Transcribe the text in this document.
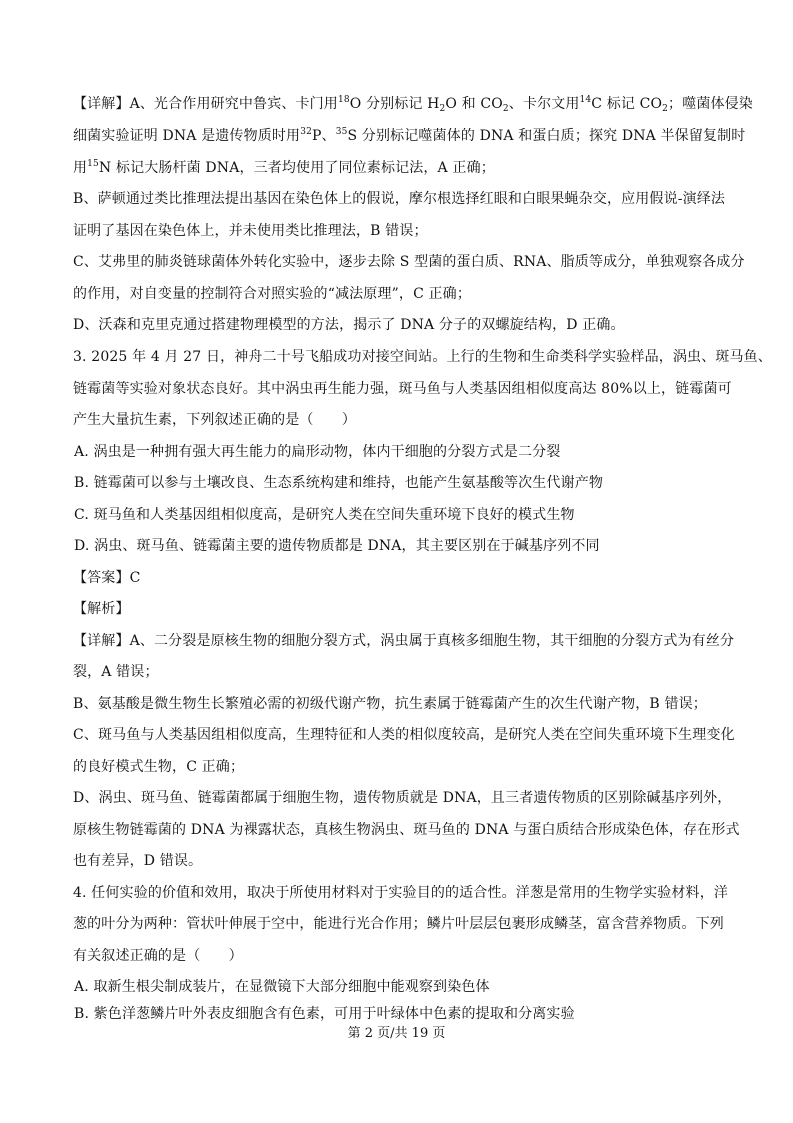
【详解】A、光合作用研究中鲁宾、卡门用$^{18}$O 分别标记 $H_2O$ 和 $CO_2$、卡尔文用$^{14}$C 标记 $CO_2$；噬菌体侵染
细菌实验证明 DNA 是遗传物质时用$^{32}$P、$^{35}$S 分别标记噬菌体的 DNA 和蛋白质；探究 DNA 半保留复制时
用$^{15}$N 标记大肠杆菌 DNA，三者均使用了同位素标记法，A 正确；
B、萨顿通过类比推理法提出基因在染色体上的假说，摩尔根选择红眼和白眼果蝇杂交，应用假说-演绎法
证明了基因在染色体上，并未使用类比推理法，B 错误；
C、艾弗里的肺炎链球菌体外转化实验中，逐步去除 S 型菌的蛋白质、RNA、脂质等成分，单独观察各成分
的作用，对自变量的控制符合对照实验的“减法原理”，C 正确；
D、沃森和克里克通过搭建物理模型的方法，揭示了 DNA 分子的双螺旋结构，D 正确。
3. 2025 年 4 月 27 日，神舟二十号飞船成功对接空间站。上行的生物和生命类科学实验样品，涡虫、斑马鱼、
链霉菌等实验对象状态良好。其中涡虫再生能力强，斑马鱼与人类基因组相似度高达 80%以上，链霉菌可
产生大量抗生素，下列叙述正确的是（　　）
A. 涡虫是一种拥有强大再生能力的扁形动物，体内干细胞的分裂方式是二分裂
B. 链霉菌可以参与土壤改良、生态系统构建和维持，也能产生氨基酸等次生代谢产物
C. 斑马鱼和人类基因组相似度高，是研究人类在空间失重环境下良好的模式生物
D. 涡虫、斑马鱼、链霉菌主要的遗传物质都是 DNA，其主要区别在于碱基序列不同
【答案】C
【解析】
【详解】A、二分裂是原核生物的细胞分裂方式，涡虫属于真核多细胞生物，其干细胞的分裂方式为有丝分
裂，A 错误；
B、氨基酸是微生物生长繁殖必需的初级代谢产物，抗生素属于链霉菌产生的次生代谢产物，B 错误；
C、斑马鱼与人类基因组相似度高，生理特征和人类的相似度较高，是研究人类在空间失重环境下生理变化
的良好模式生物，C 正确；
D、涡虫、斑马鱼、链霉菌都属于细胞生物，遗传物质就是 DNA，且三者遗传物质的区别除碱基序列外，
原核生物链霉菌的 DNA 为裸露状态，真核生物涡虫、斑马鱼的 DNA 与蛋白质结合形成染色体，存在形式
也有差异，D 错误。
4. 任何实验的价值和效用，取决于所使用材料对于实验目的的适合性。洋葱是常用的生物学实验材料，洋
葱的叶分为两种：管状叶伸展于空中，能进行光合作用；鳞片叶层层包裹形成鳞茎，富含营养物质。下列
有关叙述正确的是（　　）
A. 取新生根尖制成装片，在显微镜下大部分细胞中能观察到染色体
B. 紫色洋葱鳞片叶外表皮细胞含有色素，可用于叶绿体中色素的提取和分离实验
第 2 页/共 19 页
